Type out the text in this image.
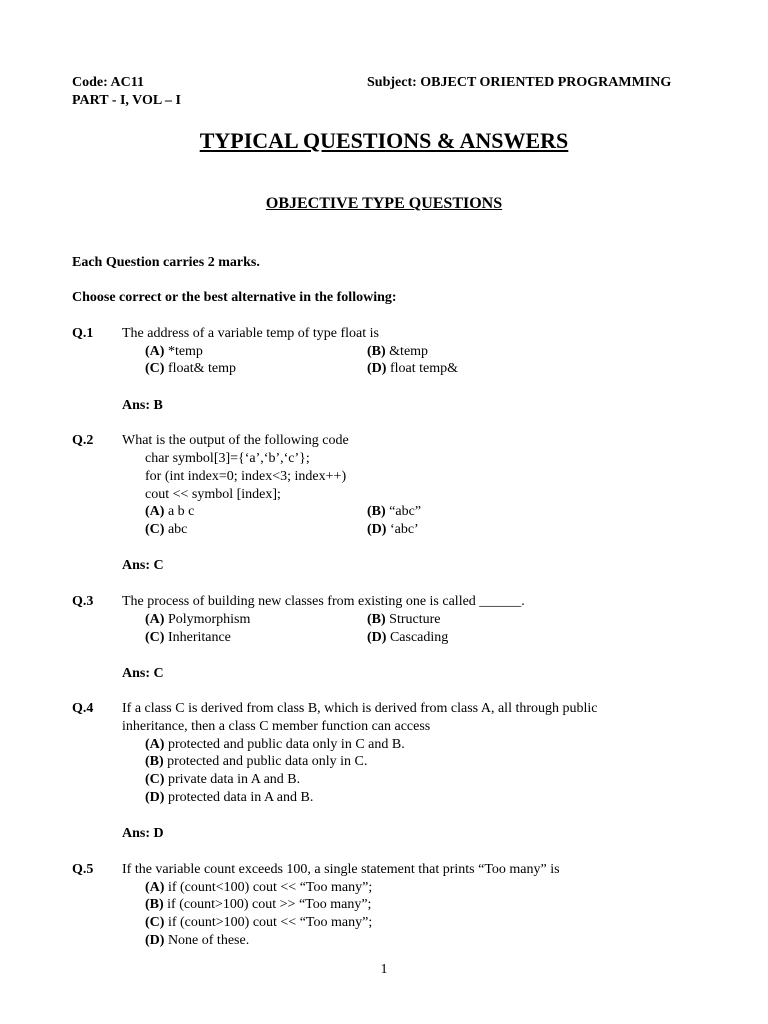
Code: AC11	Subject: OBJECT ORIENTED PROGRAMMING
PART - I, VOL – I
TYPICAL QUESTIONS & ANSWERS
OBJECTIVE TYPE QUESTIONS
Each Question carries 2 marks.
Choose correct or the best alternative in the following:
Q.1 The address of a variable temp of type float is
(A) *temp	(B) &temp
(C) float& temp	(D) float temp&
Ans: B
Q.2 What is the output of the following code
char symbol[3]={‘a’,‘b’,‘c’};
for (int index=0; index<3; index++)
cout << symbol [index];
(A) a b c	(B) “abc”
(C) abc	(D) ‘abc’
Ans: C
Q.3 The process of building new classes from existing one is called ______.
(A) Polymorphism	(B) Structure
(C) Inheritance	(D) Cascading
Ans: C
Q.4 If a class C is derived from class B, which is derived from class A, all through public
inheritance, then a class C member function can access
(A) protected and public data only in C and B.
(B) protected and public data only in C.
(C) private data in A and B.
(D) protected data in A and B.
Ans: D
Q.5 If the variable count exceeds 100, a single statement that prints “Too many” is
(A) if (count<100) cout << “Too many”;
(B) if (count>100) cout >> “Too many”;
(C) if (count>100) cout << “Too many”;
(D) None of these.
1
